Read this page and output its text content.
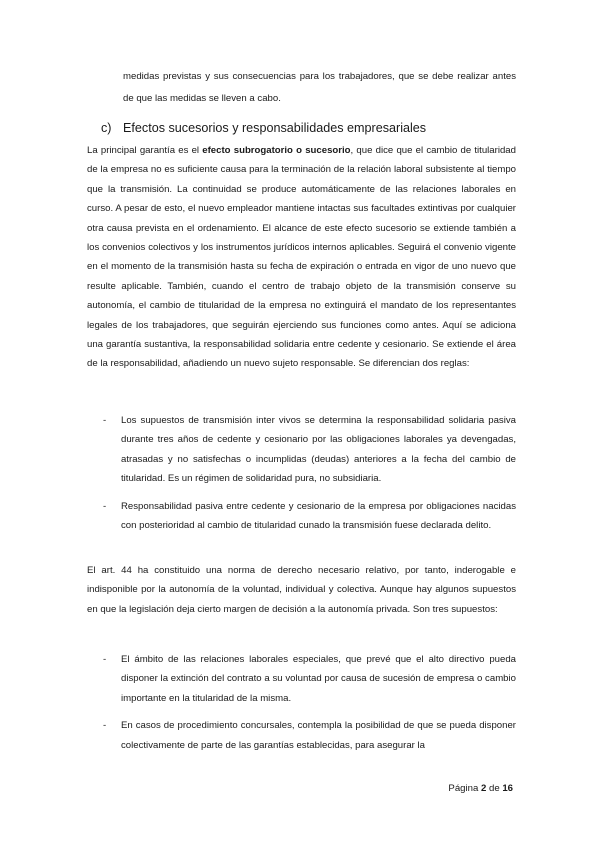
medidas previstas y sus consecuencias para los trabajadores, que se debe realizar antes de que las medidas se lleven a cabo.
c) Efectos sucesorios y responsabilidades empresariales
La principal garantía es el efecto subrogatorio o sucesorio, que dice que el cambio de titularidad de la empresa no es suficiente causa para la terminación de la relación laboral subsistente al tiempo que la transmisión. La continuidad se produce automáticamente de las relaciones laborales en curso. A pesar de esto, el nuevo empleador mantiene intactas sus facultades extintivas por cualquier otra causa prevista en el ordenamiento. El alcance de este efecto sucesorio se extiende también a los convenios colectivos y los instrumentos jurídicos internos aplicables. Seguirá el convenio vigente en el momento de la transmisión hasta su fecha de expiración o entrada en vigor de uno nuevo que resulte aplicable. También, cuando el centro de trabajo objeto de la transmisión conserve su autonomía, el cambio de titularidad de la empresa no extinguirá el mandato de los representantes legales de los trabajadores, que seguirán ejerciendo sus funciones como antes. Aquí se adiciona una garantía sustantiva, la responsabilidad solidaria entre cedente y cesionario. Se extiende el área de la responsabilidad, añadiendo un nuevo sujeto responsable. Se diferencian dos reglas:
- Los supuestos de transmisión inter vivos se determina la responsabilidad solidaria pasiva durante tres años de cedente y cesionario por las obligaciones laborales ya devengadas, atrasadas y no satisfechas o incumplidas (deudas) anteriores a la fecha del cambio de titularidad. Es un régimen de solidaridad pura, no subsidiaria.
- Responsabilidad pasiva entre cedente y cesionario de la empresa por obligaciones nacidas con posterioridad al cambio de titularidad cunado la transmisión fuese declarada delito.
El art. 44 ha constituido una norma de derecho necesario relativo, por tanto, inderogable e indisponible por la autonomía de la voluntad, individual y colectiva. Aunque hay algunos supuestos en que la legislación deja cierto margen de decisión a la autonomía privada. Son tres supuestos:
- El ámbito de las relaciones laborales especiales, que prevé que el alto directivo pueda disponer la extinción del contrato a su voluntad por causa de sucesión de empresa o cambio importante en la titularidad de la misma.
- En casos de procedimiento concursales, contempla la posibilidad de que se pueda disponer colectivamente de parte de las garantías establecidas, para asegurar la
Página 2 de 16
